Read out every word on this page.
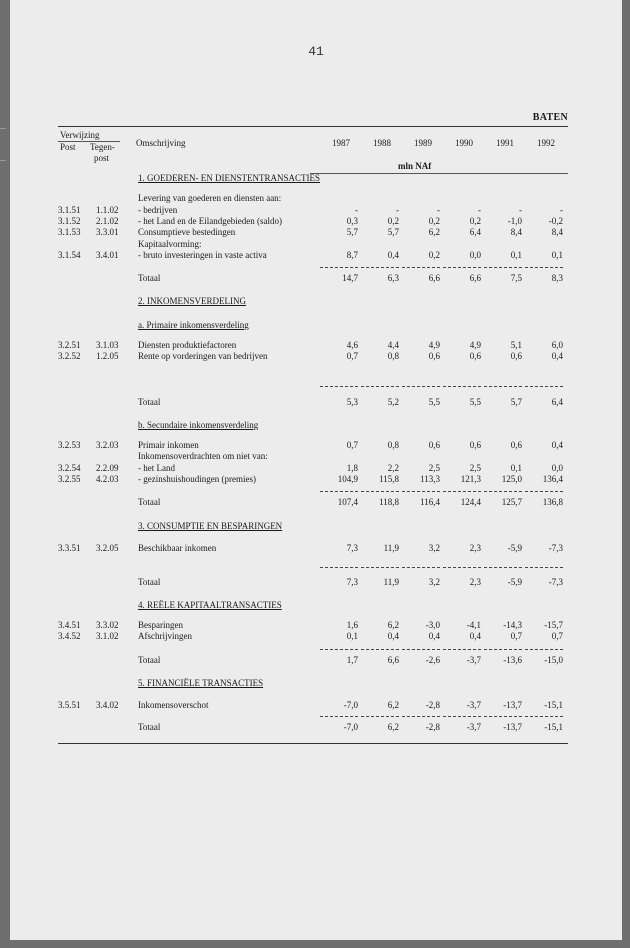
41
BATEN
Verwijzing
Post Tegen-
post
Omschrijving	1987	1988	1989	1990	1991	1992
mln NAf
1. GOEDEREN- EN DIENSTENTRANSACTIES
2. INKOMENSVERDELING
a. Primaire inkomensverdeling
b. Secundaire inkomensverdeling
3. CONSUMPTIE EN BESPARINGEN
4. REËLE KAPITAALTRANSACTIES
5. FINANCIËLE TRANSACTIES
Levering van goederen en diensten aan:
3.1.51 1.1.02 - bedrijven	-	-	-	-	-	-
3.1.52 2.1.02 - het Land en de Eilandgebieden (saldo)	0,3	0,2	0,2	0,2	-1,0	-0,2
3.1.53 3.3.01 Consumptieve bestedingen	5,7	5,7	6,2	6,4	8,4	8,4
Kapitaalvorming:
3.1.54 3.4.01 - bruto investeringen in vaste activa	8,7	0,4	0,2	0,0	0,1	0,1
Totaal	14,7	6,3	6,6	6,6	7,5	8,3
3.2.51 3.1.03 Diensten produktiefactoren	4,6	4,4	4,9	4,9	5,1	6,0
3.2.52 1.2.05 Rente op vorderingen van bedrijven	0,7	0,8	0,6	0,6	0,6	0,4
Totaal	5,3	5,2	5,5	5,5	5,7	6,4
3.2.53 3.2.03 Primair inkomen	0,7	0,8	0,6	0,6	0,6	0,4
Inkomensoverdrachten om niet van:
3.2.54 2.2.09 - het Land	1,8	2,2	2,5	2,5	0,1	0,0
3.2.55 4.2.03 - gezinshuishoudingen (premies)	104,9	115,8	113,3	121,3	125,0	136,4
Totaal	107,4	118,8	116,4	124,4	125,7	136,8
3.3.51 3.2.05 Beschikbaar inkomen	7,3	11,9	3,2	2,3	-5,9	-7,3
Totaal	7,3	11,9	3,2	2,3	-5,9	-7,3
3.4.51 3.3.02 Besparingen	1,6	6,2	-3,0	-4,1	-14,3	-15,7
3.4.52 3.1.02 Afschrijvingen	0,1	0,4	0,4	0,4	0,7	0,7
Totaal	1,7	6,6	-2,6	-3,7	-13,6	-15,0
3.5.51 3.4.02 Inkomensoverschot	-7,0	6,2	-2,8	-3,7	-13,7	-15,1
Totaal	-7,0	6,2	-2,8	-3,7	-13,7	-15,1
